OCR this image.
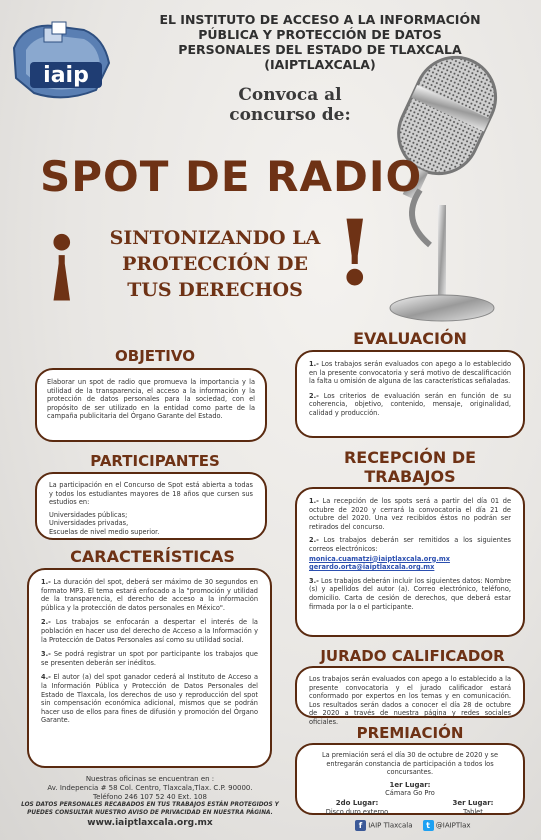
iaip
EL INSTITUTO DE ACCESO A LA INFORMACIÓN
PÚBLICA Y PROTECCIÓN DE DATOS
PERSONALES DEL ESTADO DE TLAXCALA
(IAIPTLAXCALA)
Convoca al
concurso de:
SPOT DE RADIO
¡	!
SINTONIZANDO LA
PROTECCIÓN DE
TUS DERECHOS
OBJETIVO

Elaborar un spot de radio que promueva la importancia y la utilidad de la transparencia, el acceso a la información y la protección de datos personales para la sociedad, con el propósito de ser utilizado en la entidad como parte de la campaña publicitaria del Órgano Garante del Estado.

PARTICIPANTES

La participación en el Concurso de Spot está abierta a todas y todos los estudiantes mayores de 18 años que cursen sus estudios en:

Universidades públicas;
Universidades privadas,
Escuelas de nivel medio superior.
CARACTERÍSTICAS

1.- La duración del spot, deberá ser máximo de 30 segundos en formato MP3. El tema estará enfocado a la "promoción y utilidad de la transparencia, el derecho de acceso a la información pública y la protección de datos personales en México".

2.- Los trabajos se enfocarán a despertar el interés de la población en hacer uso del derecho de Acceso a la Información y la Protección de Datos Personales así como su utilidad social.

3.- Se podrá registrar un spot por participante los trabajos que se presenten deberán ser inéditos.

4.- El autor (a) del spot ganador cederá al Instituto de Acceso a la Información Pública y Protección de Datos Personales del Estado de Tlaxcala, los derechos de uso y reproducción del spot sin compensación económica adicional, mismos que se podrán hacer uso de ellos para fines de difusión y promoción del Órgano Garante.

EVALUACIÓN

1.- Los trabajos serán evaluados con apego a lo establecido en la presente convocatoria y será motivo de descalificación la falta u omisión de alguna de las características señaladas.

2.- Los criterios de evaluación serán en función de su coherencia, objetivo, contenido, mensaje, originalidad, calidad y producción.

RECEPCIÓN DE
TRABAJOS

1.- La recepción de los spots será a partir del día 01 de octubre de 2020 y cerrará la convocatoria el día 21 de octubre del 2020. Una vez recibidos éstos no podrán ser retirados del concurso.

2.- Los trabajos deberán ser remitidos a los siguientes correos electrónicos:

monica.cuamatzi@iaiptlaxcala.org.mx
gerardo.orta@iaiptlaxcala.org.mx

3.- Los trabajos deberán incluir los siguientes datos: Nombre (s) y apellidos del autor (a). Correo electrónico, teléfono, domicilio. Carta de cesión de derechos, que deberá estar firmada por la o el participante.

JURADO CALIFICADOR

Los trabajos serán evaluados con apego a lo establecido a la presente convocatoria y el jurado calificador estará conformado por expertos en los temas y en comunicación. Los resultados serán dados a conocer el día 28 de octubre de 2020 a través de nuestra página y redes sociales oficiales.

PREMIACIÓN

La premiación será el día 30 de octubre de 2020 y se entregarán constancia de participación a todos los concursantes.

1er Lugar:
Cámara Go Pro
2do Lugar:
Disco duro externo
3er Lugar:
Tablet
Nuestras oficinas se encuentran en :
Av. Indepencia # 58 Col. Centro, Tlaxcala,Tlax. C.P. 90000.
Teléfono 246 107 52 40 Ext. 108
LOS DATOS PERSONALES RECABADOS EN TUS TRABAJOS ESTÁN PROTEGIDOS Y
PUEDES CONSULTAR NUESTRO AVISO DE PRIVACIDAD EN NUESTRA PÁGINA.
www.iaiptlaxcala.org.mx	f IAIP Tlaxcala	t @IAIPTlax
